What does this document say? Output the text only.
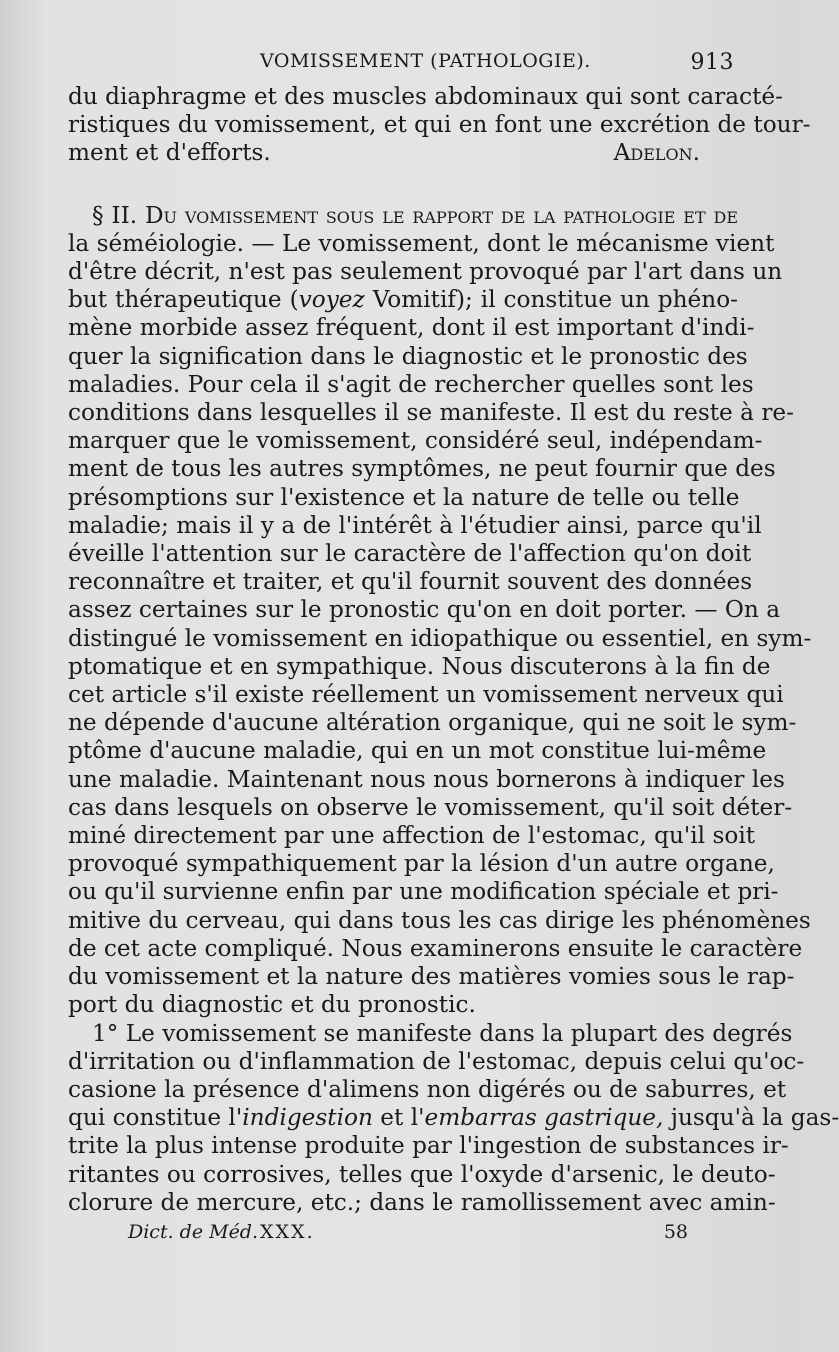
VOMISSEMENT (PATHOLOGIE).	913
du diaphragme et des muscles abdominaux qui sont caracté-
ristiques du vomissement, et qui en font une excrétion de tour-
ment et d'efforts.	Adelon.
§ II. Du vomissement sous le rapport de la pathologie et de
la séméiologie. — Le vomissement, dont le mécanisme vient
d'être décrit, n'est pas seulement provoqué par l'art dans un
but thérapeutique (voyez Vomitif); il constitue un phéno-
mène morbide assez fréquent, dont il est important d'indi-
quer la signification dans le diagnostic et le pronostic des
maladies. Pour cela il s'agit de rechercher quelles sont les
conditions dans lesquelles il se manifeste. Il est du reste à re-
marquer que le vomissement, considéré seul, indépendam-
ment de tous les autres symptômes, ne peut fournir que des
présomptions sur l'existence et la nature de telle ou telle
maladie; mais il y a de l'intérêt à l'étudier ainsi, parce qu'il
éveille l'attention sur le caractère de l'affection qu'on doit
reconnaître et traiter, et qu'il fournit souvent des données
assez certaines sur le pronostic qu'on en doit porter. — On a
distingué le vomissement en idiopathique ou essentiel, en sym-
ptomatique et en sympathique. Nous discuterons à la fin de
cet article s'il existe réellement un vomissement nerveux qui
ne dépende d'aucune altération organique, qui ne soit le sym-
ptôme d'aucune maladie, qui en un mot constitue lui-même
une maladie. Maintenant nous nous bornerons à indiquer les
cas dans lesquels on observe le vomissement, qu'il soit déter-
miné directement par une affection de l'estomac, qu'il soit
provoqué sympathiquement par la lésion d'un autre organe,
ou qu'il survienne enfin par une modification spéciale et pri-
mitive du cerveau, qui dans tous les cas dirige les phénomènes
de cet acte compliqué. Nous examinerons ensuite le caractère
du vomissement et la nature des matières vomies sous le rap-
port du diagnostic et du pronostic.
1° Le vomissement se manifeste dans la plupart des degrés
d'irritation ou d'inflammation de l'estomac, depuis celui qu'oc-
casione la présence d'alimens non digérés ou de saburres, et
qui constitue l'indigestion et l'embarras gastrique, jusqu'à la gas-
trite la plus intense produite par l'ingestion de substances ir-
ritantes ou corrosives, telles que l'oxyde d'arsenic, le deuto-
clorure de mercure, etc.; dans le ramollissement avec amin-
Dict. de Méd. XXX.	58
